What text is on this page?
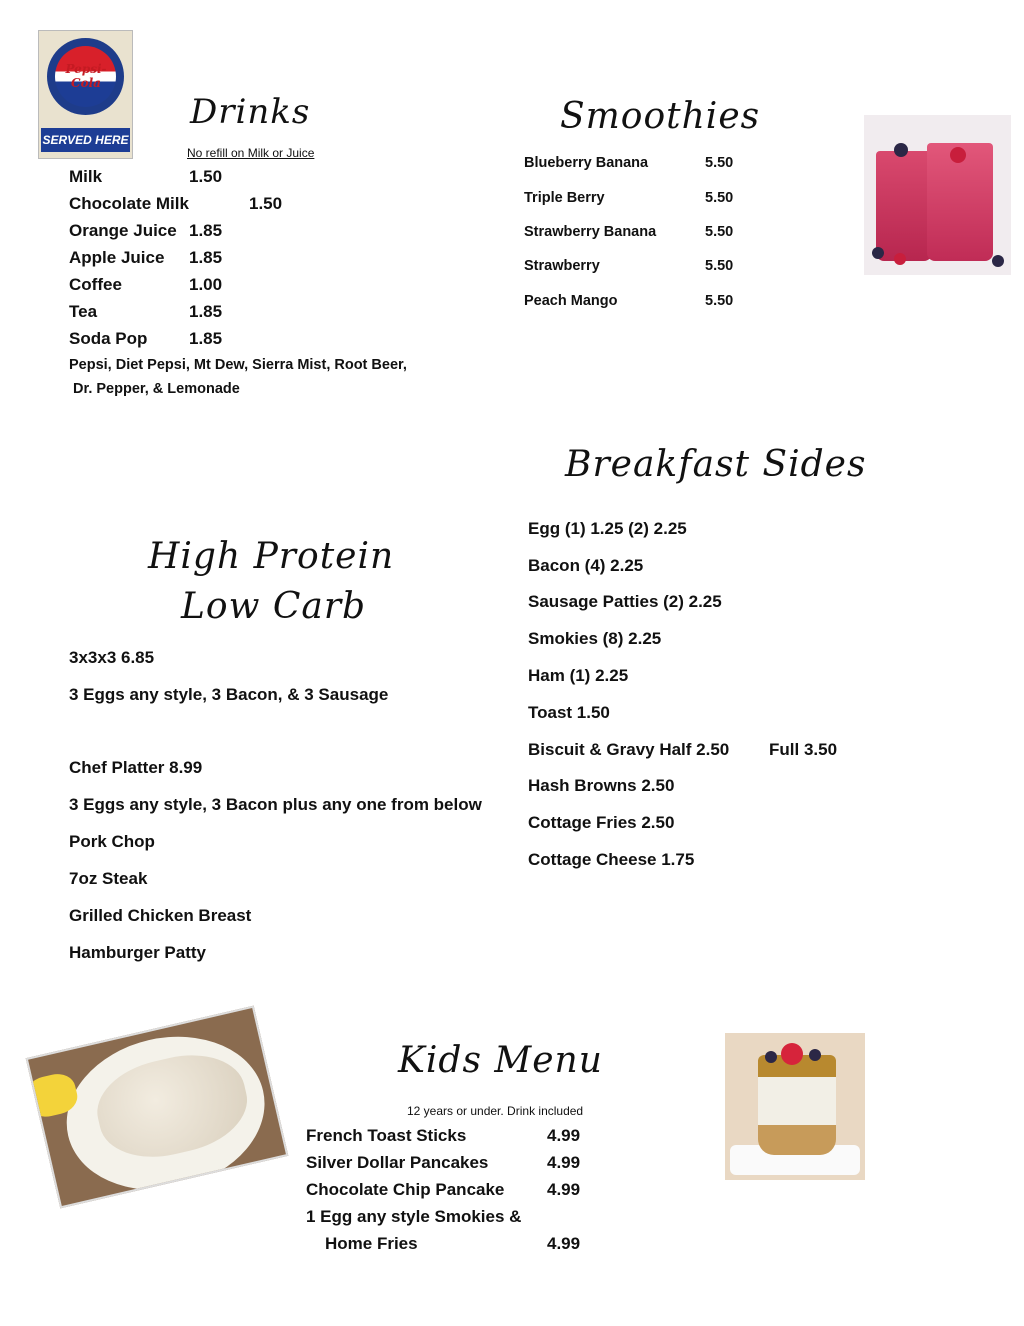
Pepsi-Cola
SERVED HERE
Drinks
No refill on Milk or Juice
Milk	1.50
Chocolate Milk	1.50
Orange Juice 1.85
Apple Juice 1.85
Coffee	1.00
Tea	1.85
Soda Pop 1.85
Pepsi, Diet Pepsi, Mt Dew, Sierra Mist, Root Beer,
Dr. Pepper, & Lemonade
Smoothies
Blueberry Banana	5.50
Triple Berry	5.50
Strawberry Banana	5.50
Strawberry	5.50
Peach Mango	5.50
Breakfast Sides
Egg (1) 1.25 (2) 2.25
Bacon (4) 2.25
Sausage Patties (2) 2.25
Smokies (8) 2.25
Ham (1) 2.25
Toast 1.50
Biscuit & Gravy Half 2.50 Full 3.50
Hash Browns 2.50
Cottage Fries 2.50
Cottage Cheese 1.75
High Protein
Low Carb
3x3x3 6.85
3 Eggs any style, 3 Bacon, & 3 Sausage
Chef Platter 8.99
3 Eggs any style, 3 Bacon plus any one from below
Pork Chop
7oz Steak
Grilled Chicken Breast
Hamburger Patty
Kids Menu
12 years or under. Drink included
French Toast Sticks	4.99
Silver Dollar Pancakes	4.99
Chocolate Chip Pancake	4.99
1 Egg any style Smokies &
Home Fries	4.99
